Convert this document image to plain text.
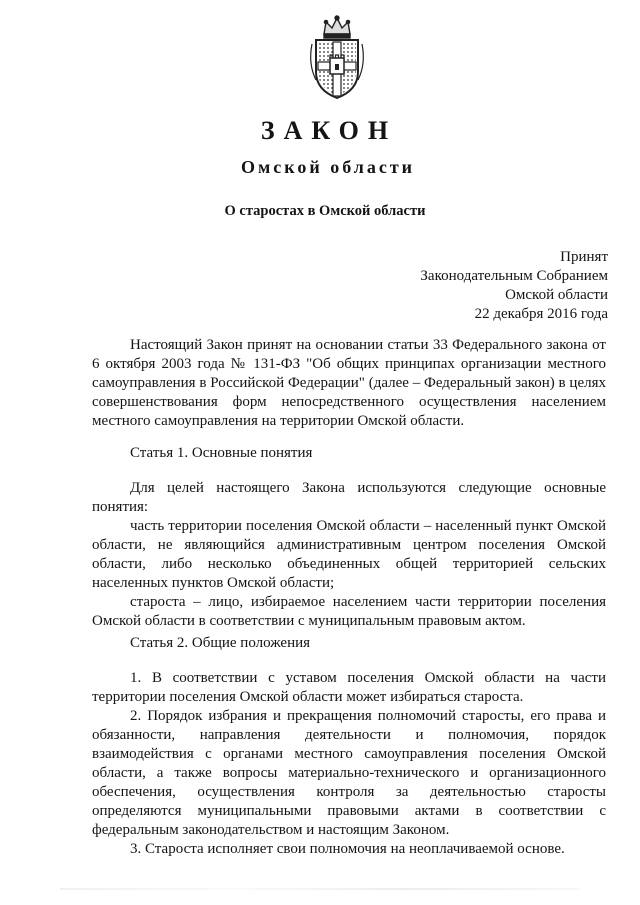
ЗАКОН
Омской области
О старостах в Омской области
Принят
Законодательным Собранием
Омской области
22 декабря 2016 года

Настоящий Закон принят на основании статьи 33 Федерального закона от 6 октября 2003 года № 131-ФЗ "Об общих принципах организации местного самоуправления в Российской Федерации" (далее – Федеральный закон) в целях совершенствования форм непосредственного осуществления населением местного самоуправления на территории Омской области.

Статья 1. Основные понятия

Для целей настоящего Закона используются следующие основные понятия:

часть территории поселения Омской области – населенный пункт Омской области, не являющийся административным центром поселения Омской области, либо несколько объединенных общей территорией сельских населенных пунктов Омской области;

староста – лицо, избираемое населением части территории поселения Омской области в соответствии с муниципальным правовым актом.

Статья 2. Общие положения

1. В соответствии с уставом поселения Омской области на части территории поселения Омской области может избираться староста.

2. Порядок избрания и прекращения полномочий старосты, его права и обязанности, направления деятельности и полномочия, порядок взаимодействия с органами местного самоуправления поселения Омской области, а также вопросы материально-технического и организационного обеспечения, осуществления контроля за деятельностью старосты определяются муниципальными правовыми актами в соответствии с федеральным законодательством и настоящим Законом.

3. Староста исполняет свои полномочия на неоплачиваемой основе.
